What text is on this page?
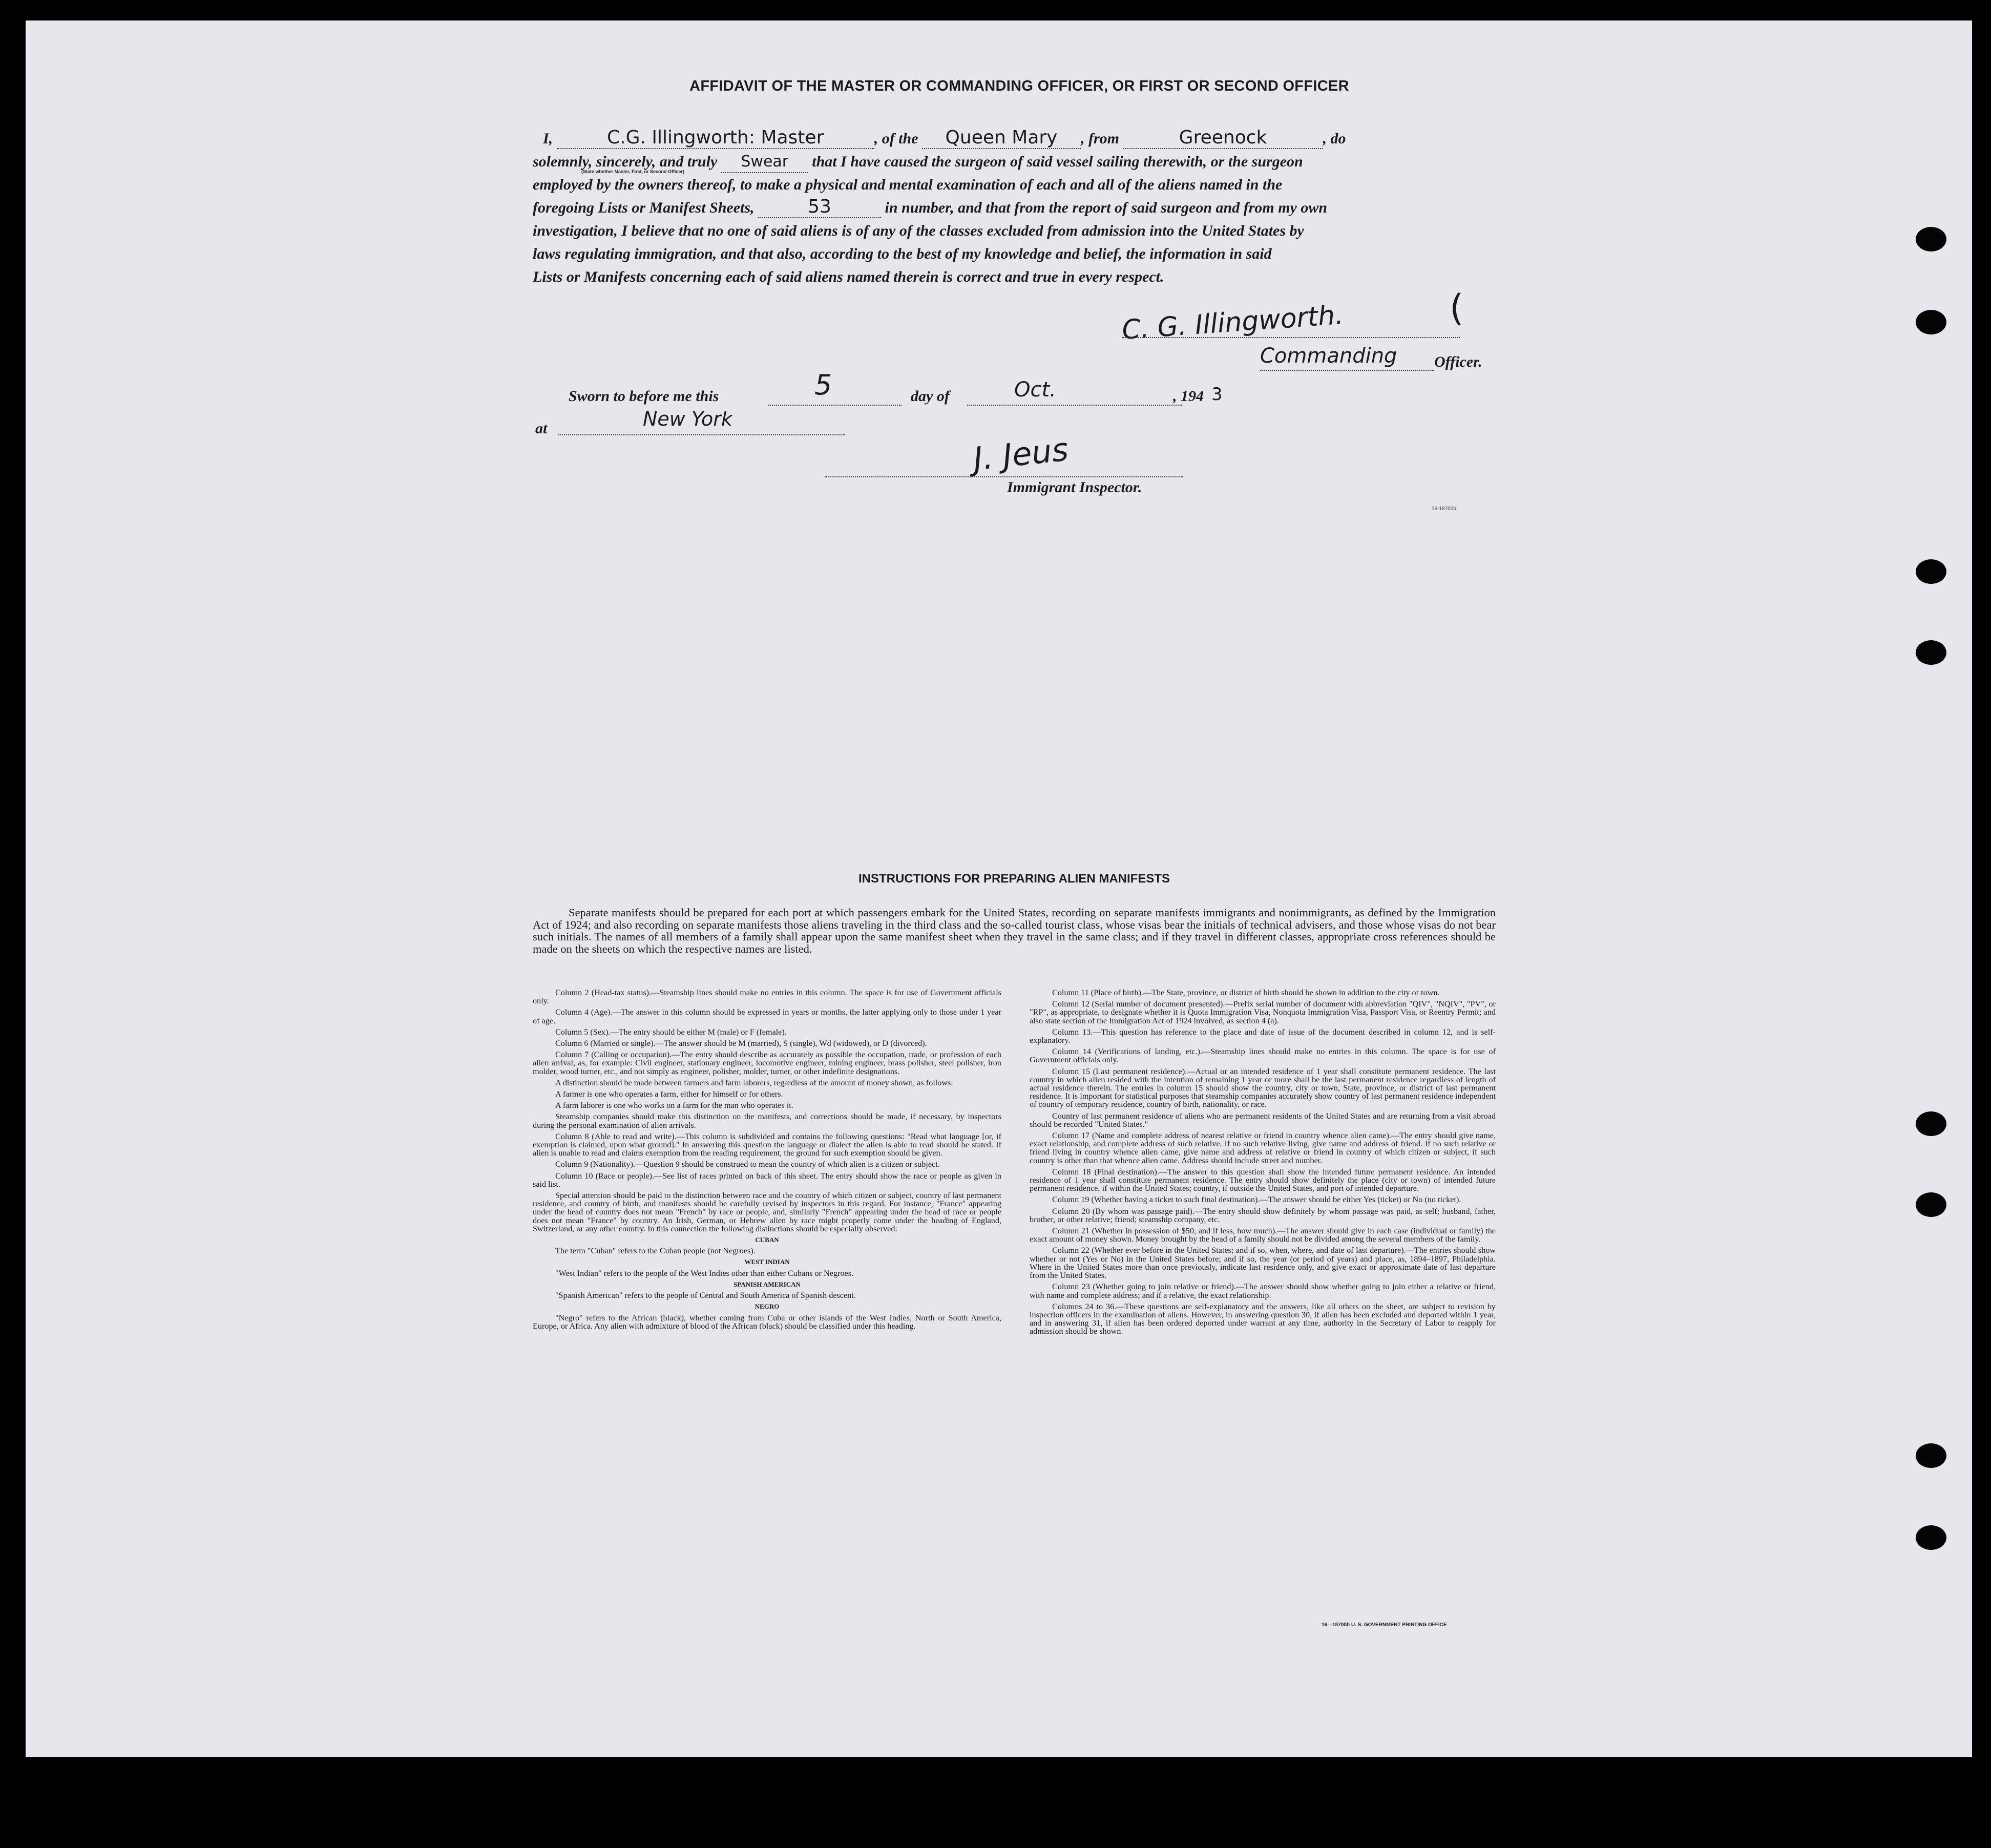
AFFIDAVIT OF THE MASTER OR COMMANDING OFFICER, OR FIRST OR SECOND OFFICER

I,	C.G. Illingworth: Master	, of the Queen Mary , from	Greenock	, do

solemnly, sincerely, and truly Swear that I have caused the surgeon of said vessel sailing therewith, or the surgeon

employed by the owners thereof, to make a physical and mental examination of each and all of the aliens named in the

foregoing Lists or Manifest Sheets,	53	in number, and that from the report of said surgeon and from my own

investigation, I believe that no one of said aliens is of any of the classes excluded from admission into the United States by

laws regulating immigration, and that also, according to the best of my knowledge and belief, the information in said

Lists or Manifests concerning each of said aliens named therein is correct and true in every respect.

(State whether Master, First, or Second Officer)
C. G. Illingworth.	(
Commanding Officer.
Sworn to before me this	5	day of	Oct.	, 194 3
at	New York
J. Jeus
Immigrant Inspector.
16-18700b
INSTRUCTIONS FOR PREPARING ALIEN MANIFESTS
Separate manifests should be prepared for each port at which passengers embark for the United States, recording on separate manifests immigrants and nonimmigrants, as defined by the Immigration Act of 1924; and also recording on separate manifests those aliens traveling in the third class and the so-called tourist class, whose visas bear the initials of technical advisers, and those whose visas do not bear such initials. The names of all members of a family shall appear upon the same manifest sheet when they travel in the same class; and if they travel in different classes, appropriate cross references should be made on the sheets on which the respective names are listed.

Column 2 (Head-tax status).—Steamship lines should make no entries in this column. The space is for use of Government officials only.

Column 4 (Age).—The answer in this column should be expressed in years or months, the latter applying only to those under 1 year of age.

Column 5 (Sex).—The entry should be either M (male) or F (female).

Column 6 (Married or single).—The answer should be M (married), S (single), Wd (widowed), or D (divorced).

Column 7 (Calling or occupation).—The entry should describe as accurately as possible the occupation, trade, or profession of each alien arrival, as, for example: Civil engineer, stationary engineer, locomotive engineer, mining engineer, brass polisher, steel polisher, iron molder, wood turner, etc., and not simply as engineer, polisher, molder, turner, or other indefinite designations.

A distinction should be made between farmers and farm laborers, regardless of the amount of money shown, as follows:

A farmer is one who operates a farm, either for himself or for others.

A farm laborer is one who works on a farm for the man who operates it.

Steamship companies should make this distinction on the manifests, and corrections should be made, if necessary, by inspectors during the personal examination of alien arrivals.

Column 8 (Able to read and write).—This column is subdivided and contains the following questions: "Read what language [or, if exemption is claimed, upon what ground]." In answering this question the language or dialect the alien is able to read should be stated. If alien is unable to read and claims exemption from the reading requirement, the ground for such exemption should be given.

Column 9 (Nationality).—Question 9 should be construed to mean the country of which alien is a citizen or subject.

Column 10 (Race or people).—See list of races printed on back of this sheet. The entry should show the race or people as given in said list.

Special attention should be paid to the distinction between race and the country of which citizen or subject, country of last permanent residence, and country of birth, and manifests should be carefully revised by inspectors in this regard. For instance, "France" appearing under the head of country does not mean "French" by race or people, and, similarly "French" appearing under the head of race or people does not mean "France" by country. An Irish, German, or Hebrew alien by race might properly come under the heading of England, Switzerland, or any other country. In this connection the following distinctions should be especially observed:

CUBAN

The term "Cuban" refers to the Cuban people (not Negroes).

WEST INDIAN

"West Indian" refers to the people of the West Indies other than either Cubans or Negroes.

SPANISH AMERICAN

"Spanish American" refers to the people of Central and South America of Spanish descent.

NEGRO

"Negro" refers to the African (black), whether coming from Cuba or other islands of the West Indies, North or South America, Europe, or Africa. Any alien with admixture of blood of the African (black) should be classified under this heading.

Column 11 (Place of birth).—The State, province, or district of birth should be shown in addition to the city or town.

Column 12 (Serial number of document presented).—Prefix serial number of document with abbreviation "QIV", "NQIV", "PV", or "RP", as appropriate, to designate whether it is Quota Immigration Visa, Nonquota Immigration Visa, Passport Visa, or Reentry Permit; and also state section of the Immigration Act of 1924 involved, as section 4 (a).

Column 13.—This question has reference to the place and date of issue of the document described in column 12, and is self-explanatory.

Column 14 (Verifications of landing, etc.).—Steamship lines should make no entries in this column. The space is for use of Government officials only.

Column 15 (Last permanent residence).—Actual or an intended residence of 1 year shall constitute permanent residence. The last country in which alien resided with the intention of remaining 1 year or more shall be the last permanent residence regardless of length of actual residence therein. The entries in column 15 should show the country, city or town, State, province, or district of last permanent residence. It is important for statistical purposes that steamship companies accurately show country of last permanent residence independent of country of temporary residence, country of birth, nationality, or race.

Country of last permanent residence of aliens who are permanent residents of the United States and are returning from a visit abroad should be recorded "United States."

Column 17 (Name and complete address of nearest relative or friend in country whence alien came).—The entry should give name, exact relationship, and complete address of such relative. If no such relative living, give name and address of friend. If no such relative or friend living in country whence alien came, give name and address of relative or friend in country of which citizen or subject, if such country is other than that whence alien came. Address should include street and number.

Column 18 (Final destination).—The answer to this question shall show the intended future permanent residence. An intended residence of 1 year shall constitute permanent residence. The entry should show definitely the place (city or town) of intended future permanent residence, if within the United States; country, if outside the United States, and port of intended departure.

Column 19 (Whether having a ticket to such final destination).—The answer should be either Yes (ticket) or No (no ticket).

Column 20 (By whom was passage paid).—The entry should show definitely by whom passage was paid, as self; husband, father, brother, or other relative; friend; steamship company, etc.

Column 21 (Whether in possession of $50, and if less, how much).—The answer should give in each case (individual or family) the exact amount of money shown. Money brought by the head of a family should not be divided among the several members of the family.

Column 22 (Whether ever before in the United States; and if so, when, where, and date of last departure).—The entries should show whether or not (Yes or No) in the United States before; and if so, the year (or period of years) and place, as, 1894–1897, Philadelphia. Where in the United States more than once previously, indicate last residence only, and give exact or approximate date of last departure from the United States.

Column 23 (Whether going to join relative or friend).—The answer should show whether going to join either a relative or friend, with name and complete address; and if a relative, the exact relationship.

Columns 24 to 36.—These questions are self-explanatory and the answers, like all others on the sheet, are subject to revision by inspection officers in the examination of aliens. However, in answering question 30, if alien has been excluded and deported within 1 year, and in answering 31, if alien has been ordered deported under warrant at any time, authority in the Secretary of Labor to reapply for admission should be shown.

16—18700b U. S. GOVERNMENT PRINTING OFFICE
